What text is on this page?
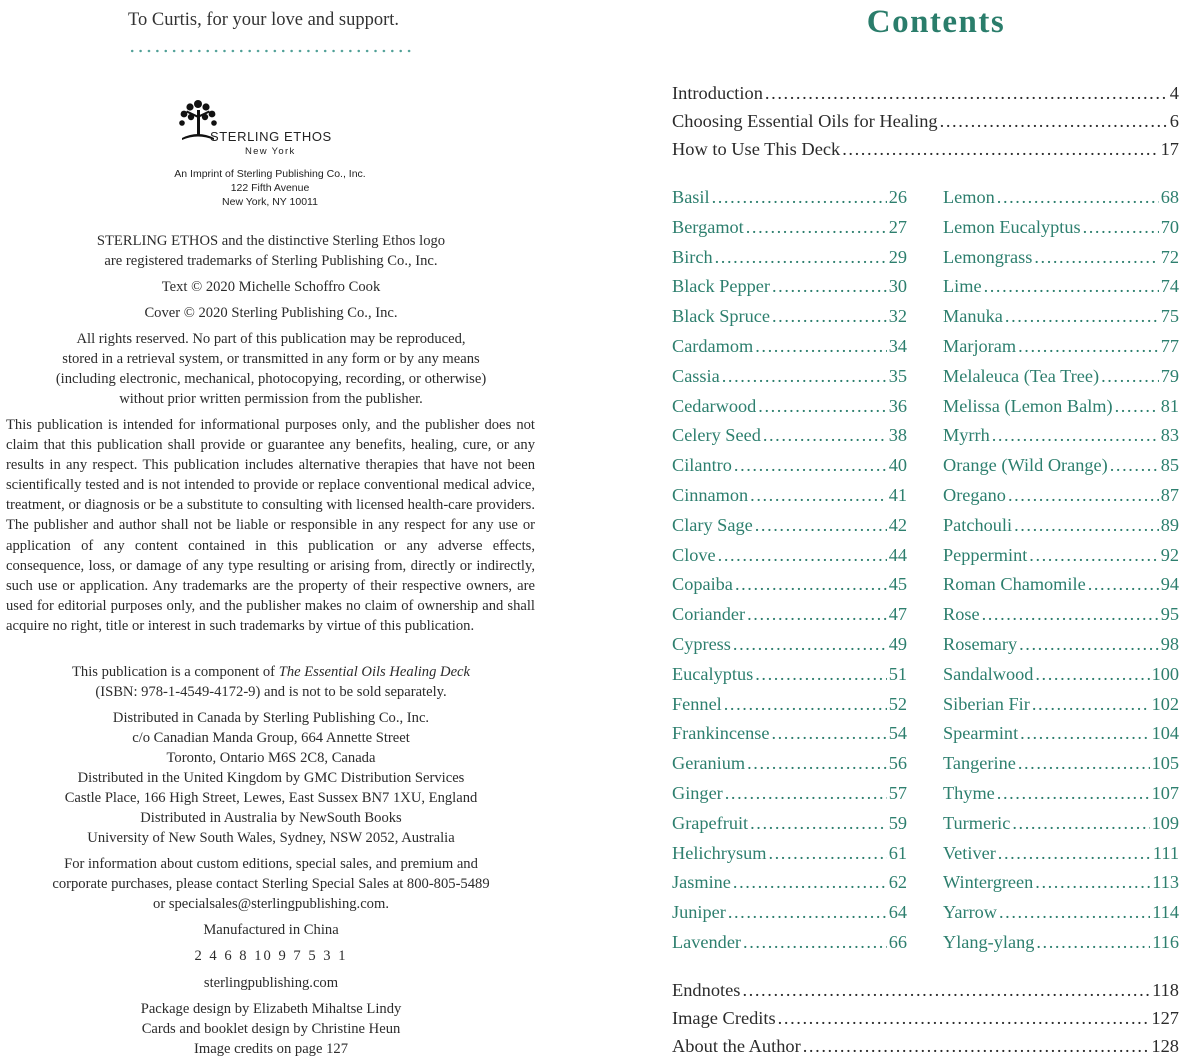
To Curtis, for your love and support.
STERLING ETHOS
New York
An Imprint of Sterling Publishing Co., Inc.
122 Fifth Avenue
New York, NY 10011
STERLING ETHOS and the distinctive Sterling Ethos logo
are registered trademarks of Sterling Publishing Co., Inc.
Text © 2020 Michelle Schoffro Cook
Cover © 2020 Sterling Publishing Co., Inc.
All rights reserved. No part of this publication may be reproduced,
stored in a retrieval system, or transmitted in any form or by any means
(including electronic, mechanical, photocopying, recording, or otherwise)
without prior written permission from the publisher.
This publication is intended for informational purposes only, and the publisher does not claim that this publication shall provide or guarantee any benefits, healing, cure, or any results in any respect. This publication includes alternative therapies that have not been scientifically tested and is not intended to provide or replace conventional medical advice, treatment, or diagnosis or be a substitute to consulting with licensed health-care providers. The publisher and author shall not be liable or responsible in any respect for any use or application of any content contained in this publication or any adverse effects, consequence, loss, or damage of any type resulting or arising from, directly or indirectly, such use or application. Any trademarks are the property of their respective owners, are used for editorial purposes only, and the publisher makes no claim of ownership and shall acquire no right, title or interest in such trademarks by virtue of this publication.
This publication is a component of The Essential Oils Healing Deck
(ISBN: 978-1-4549-4172-9) and is not to be sold separately.
Distributed in Canada by Sterling Publishing Co., Inc.
c/o Canadian Manda Group, 664 Annette Street
Toronto, Ontario M6S 2C8, Canada
Distributed in the United Kingdom by GMC Distribution Services
Castle Place, 166 High Street, Lewes, East Sussex BN7 1XU, England
Distributed in Australia by NewSouth Books
University of New South Wales, Sydney, NSW 2052, Australia
For information about custom editions, special sales, and premium and
corporate purchases, please contact Sterling Special Sales at 800-805-5489
or specialsales@sterlingpublishing.com.
Manufactured in China
2 4 6 8 10 9 7 5 3 1
sterlingpublishing.com
Package design by Elizabeth Mihaltse Lindy
Cards and booklet design by Christine Heun
Image credits on page 127
Contents
Introduction .....	4
Choosing Essential Oils for Healing .....	6
How to Use This Deck .....	17
Basil .....	26
Bergamot .....	27
Birch .....	29
Black Pepper .....	30
Black Spruce .....	32
Cardamom .....	34
Cassia .....	35
Cedarwood .....	36
Celery Seed .....	38
Cilantro .....	40
Cinnamon .....	41
Clary Sage .....	42
Clove .....	44
Copaiba .....	45
Coriander .....	47
Cypress .....	49
Eucalyptus .....	51
Fennel .....	52
Frankincense .....	54
Geranium .....	56
Ginger .....	57
Grapefruit .....	59
Helichrysum .....	61
Jasmine .....	62
Juniper .....	64
Lavender .....	66
Lemon .....	68
Lemon Eucalyptus .....	70
Lemongrass .....	72
Lime .....	74
Manuka .....	75
Marjoram .....	77
Melaleuca (Tea Tree) .....	79
Melissa (Lemon Balm) .....	81
Myrrh .....	83
Orange (Wild Orange) .....	85
Oregano .....	87
Patchouli .....	89
Peppermint .....	92
Roman Chamomile .....	94
Rose .....	95
Rosemary .....	98
Sandalwood .....	100
Siberian Fir .....	102
Spearmint .....	104
Tangerine .....	105
Thyme .....	107
Turmeric .....	109
Vetiver .....	111
Wintergreen .....	113
Yarrow .....	114
Ylang-ylang .....	116
Endnotes .....	118
Image Credits .....	127
About the Author .....	128
